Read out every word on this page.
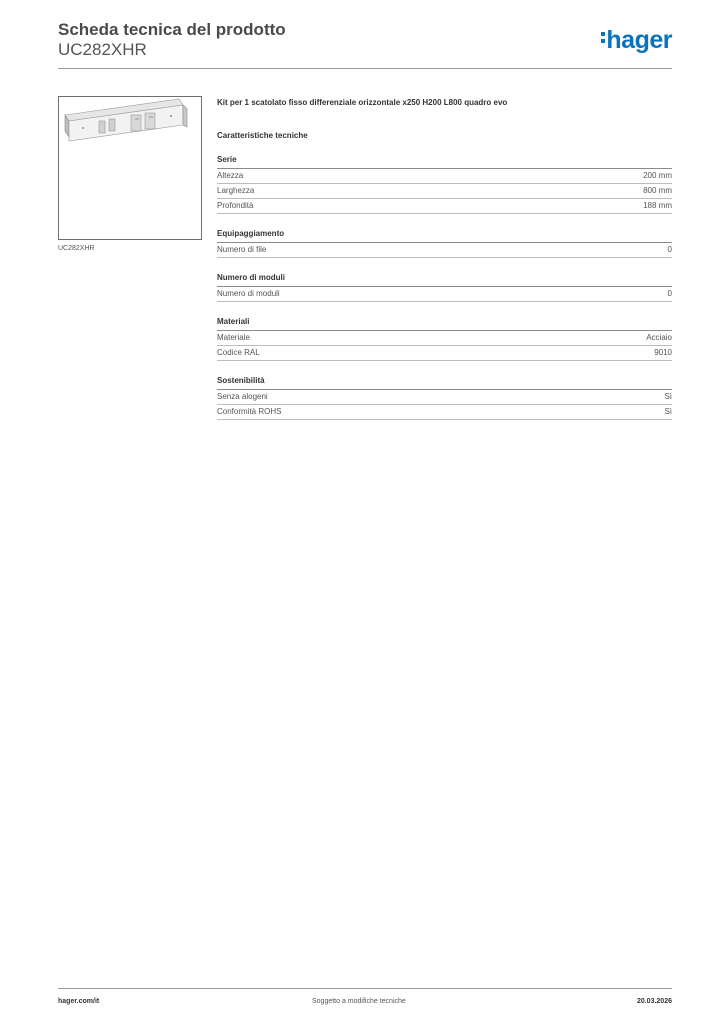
Scheda tecnica del prodotto
UC282XHR	hager
UC282XHR
Kit per 1 scatolato fisso differenziale orizzontale x250 H200 L800 quadro evo
Caratteristiche tecniche
Serie
Altezza	200 mm
Larghezza	800 mm
Profondità	188 mm
Equipaggiamento
Numero di file	0
Numero di moduli
Numero di moduli	0
Materiali
Materiale	Acciaio
Codice RAL	9010
Sostenibilità
Senza alogeni	Sì
Conformità ROHS	Sì
hager.com/it	Soggetto a modifiche tecniche	20.03.2026
